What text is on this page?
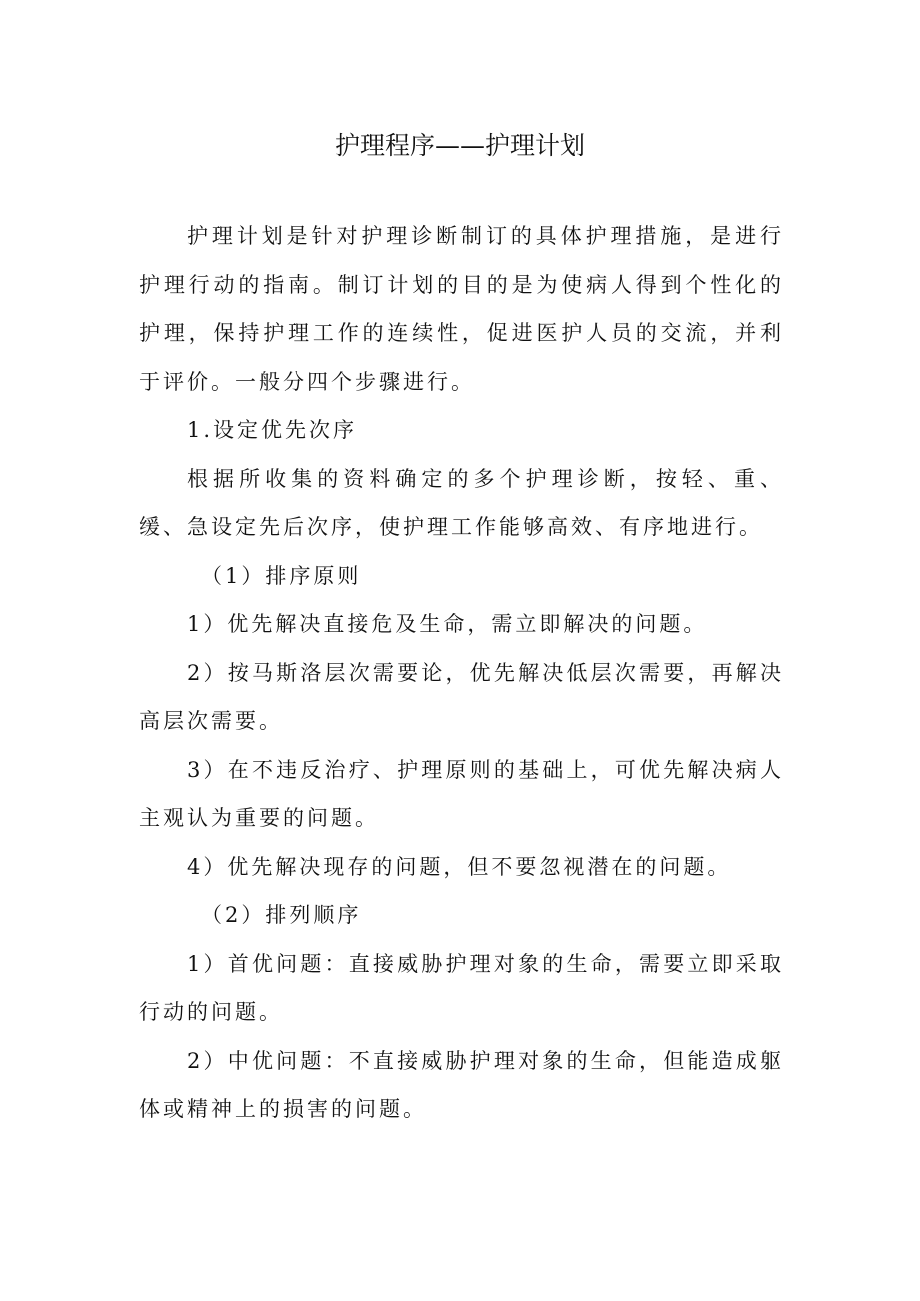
护理程序——护理计划

护理计划是针对护理诊断制订的具体护理措施，是进行护理行动的指南。制订计划的目的是为使病人得到个性化的护理，保持护理工作的连续性，促进医护人员的交流，并利于评价。一般分四个步骤进行。

1.设定优先次序

根据所收集的资料确定的多个护理诊断，按轻、重、缓、急设定先后次序，使护理工作能够高效、有序地进行。

（1）排序原则

1）优先解决直接危及生命，需立即解决的问题。

2）按马斯洛层次需要论，优先解决低层次需要，再解决高层次需要。

3）在不违反治疗、护理原则的基础上，可优先解决病人主观认为重要的问题。

4）优先解决现存的问题，但不要忽视潜在的问题。

（2）排列顺序

1）首优问题：直接威胁护理对象的生命，需要立即采取行动的问题。

2）中优问题：不直接威胁护理对象的生命，但能造成躯体或精神上的损害的问题。
